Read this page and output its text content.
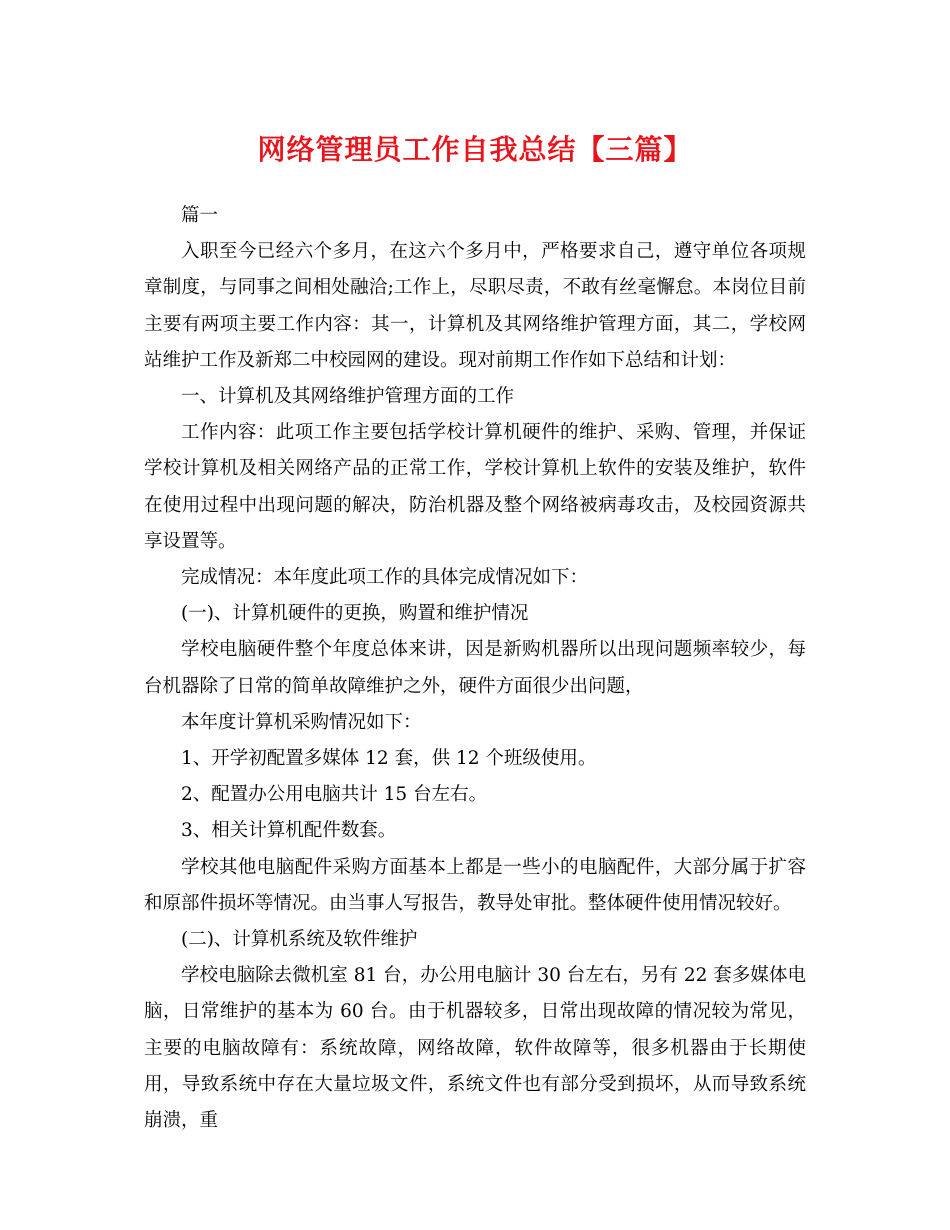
网络管理员工作自我总结【三篇】

篇一

入职至今已经六个多月，在这六个多月中，严格要求自己，遵守单位各项规章制度，与同事之间相处融洽;工作上，尽职尽责，不敢有丝毫懈怠。本岗位目前主要有两项主要工作内容：其一，计算机及其网络维护管理方面，其二，学校网站维护工作及新郑二中校园网的建设。现对前期工作作如下总结和计划：

一、计算机及其网络维护管理方面的工作

工作内容：此项工作主要包括学校计算机硬件的维护、采购、管理，并保证学校计算机及相关网络产品的正常工作，学校计算机上软件的安装及维护，软件在使用过程中出现问题的解决，防治机器及整个网络被病毒攻击，及校园资源共享设置等。

完成情况：本年度此项工作的具体完成情况如下：

(一)、计算机硬件的更换，购置和维护情况

学校电脑硬件整个年度总体来讲，因是新购机器所以出现问题频率较少，每台机器除了日常的简单故障维护之外，硬件方面很少出问题，

本年度计算机采购情况如下：

1、开学初配置多媒体 12 套，供 12 个班级使用。

2、配置办公用电脑共计 15 台左右。

3、相关计算机配件数套。

学校其他电脑配件采购方面基本上都是一些小的电脑配件，大部分属于扩容和原部件损坏等情况。由当事人写报告，教导处审批。整体硬件使用情况较好。

(二)、计算机系统及软件维护

学校电脑除去微机室 81 台，办公用电脑计 30 台左右，另有 22 套多媒体电脑，日常维护的基本为 60 台。由于机器较多，日常出现故障的情况较为常见，主要的电脑故障有：系统故障，网络故障，软件故障等，很多机器由于长期使用，导致系统中存在大量垃圾文件，系统文件也有部分受到损坏，从而导致系统崩溃，重
